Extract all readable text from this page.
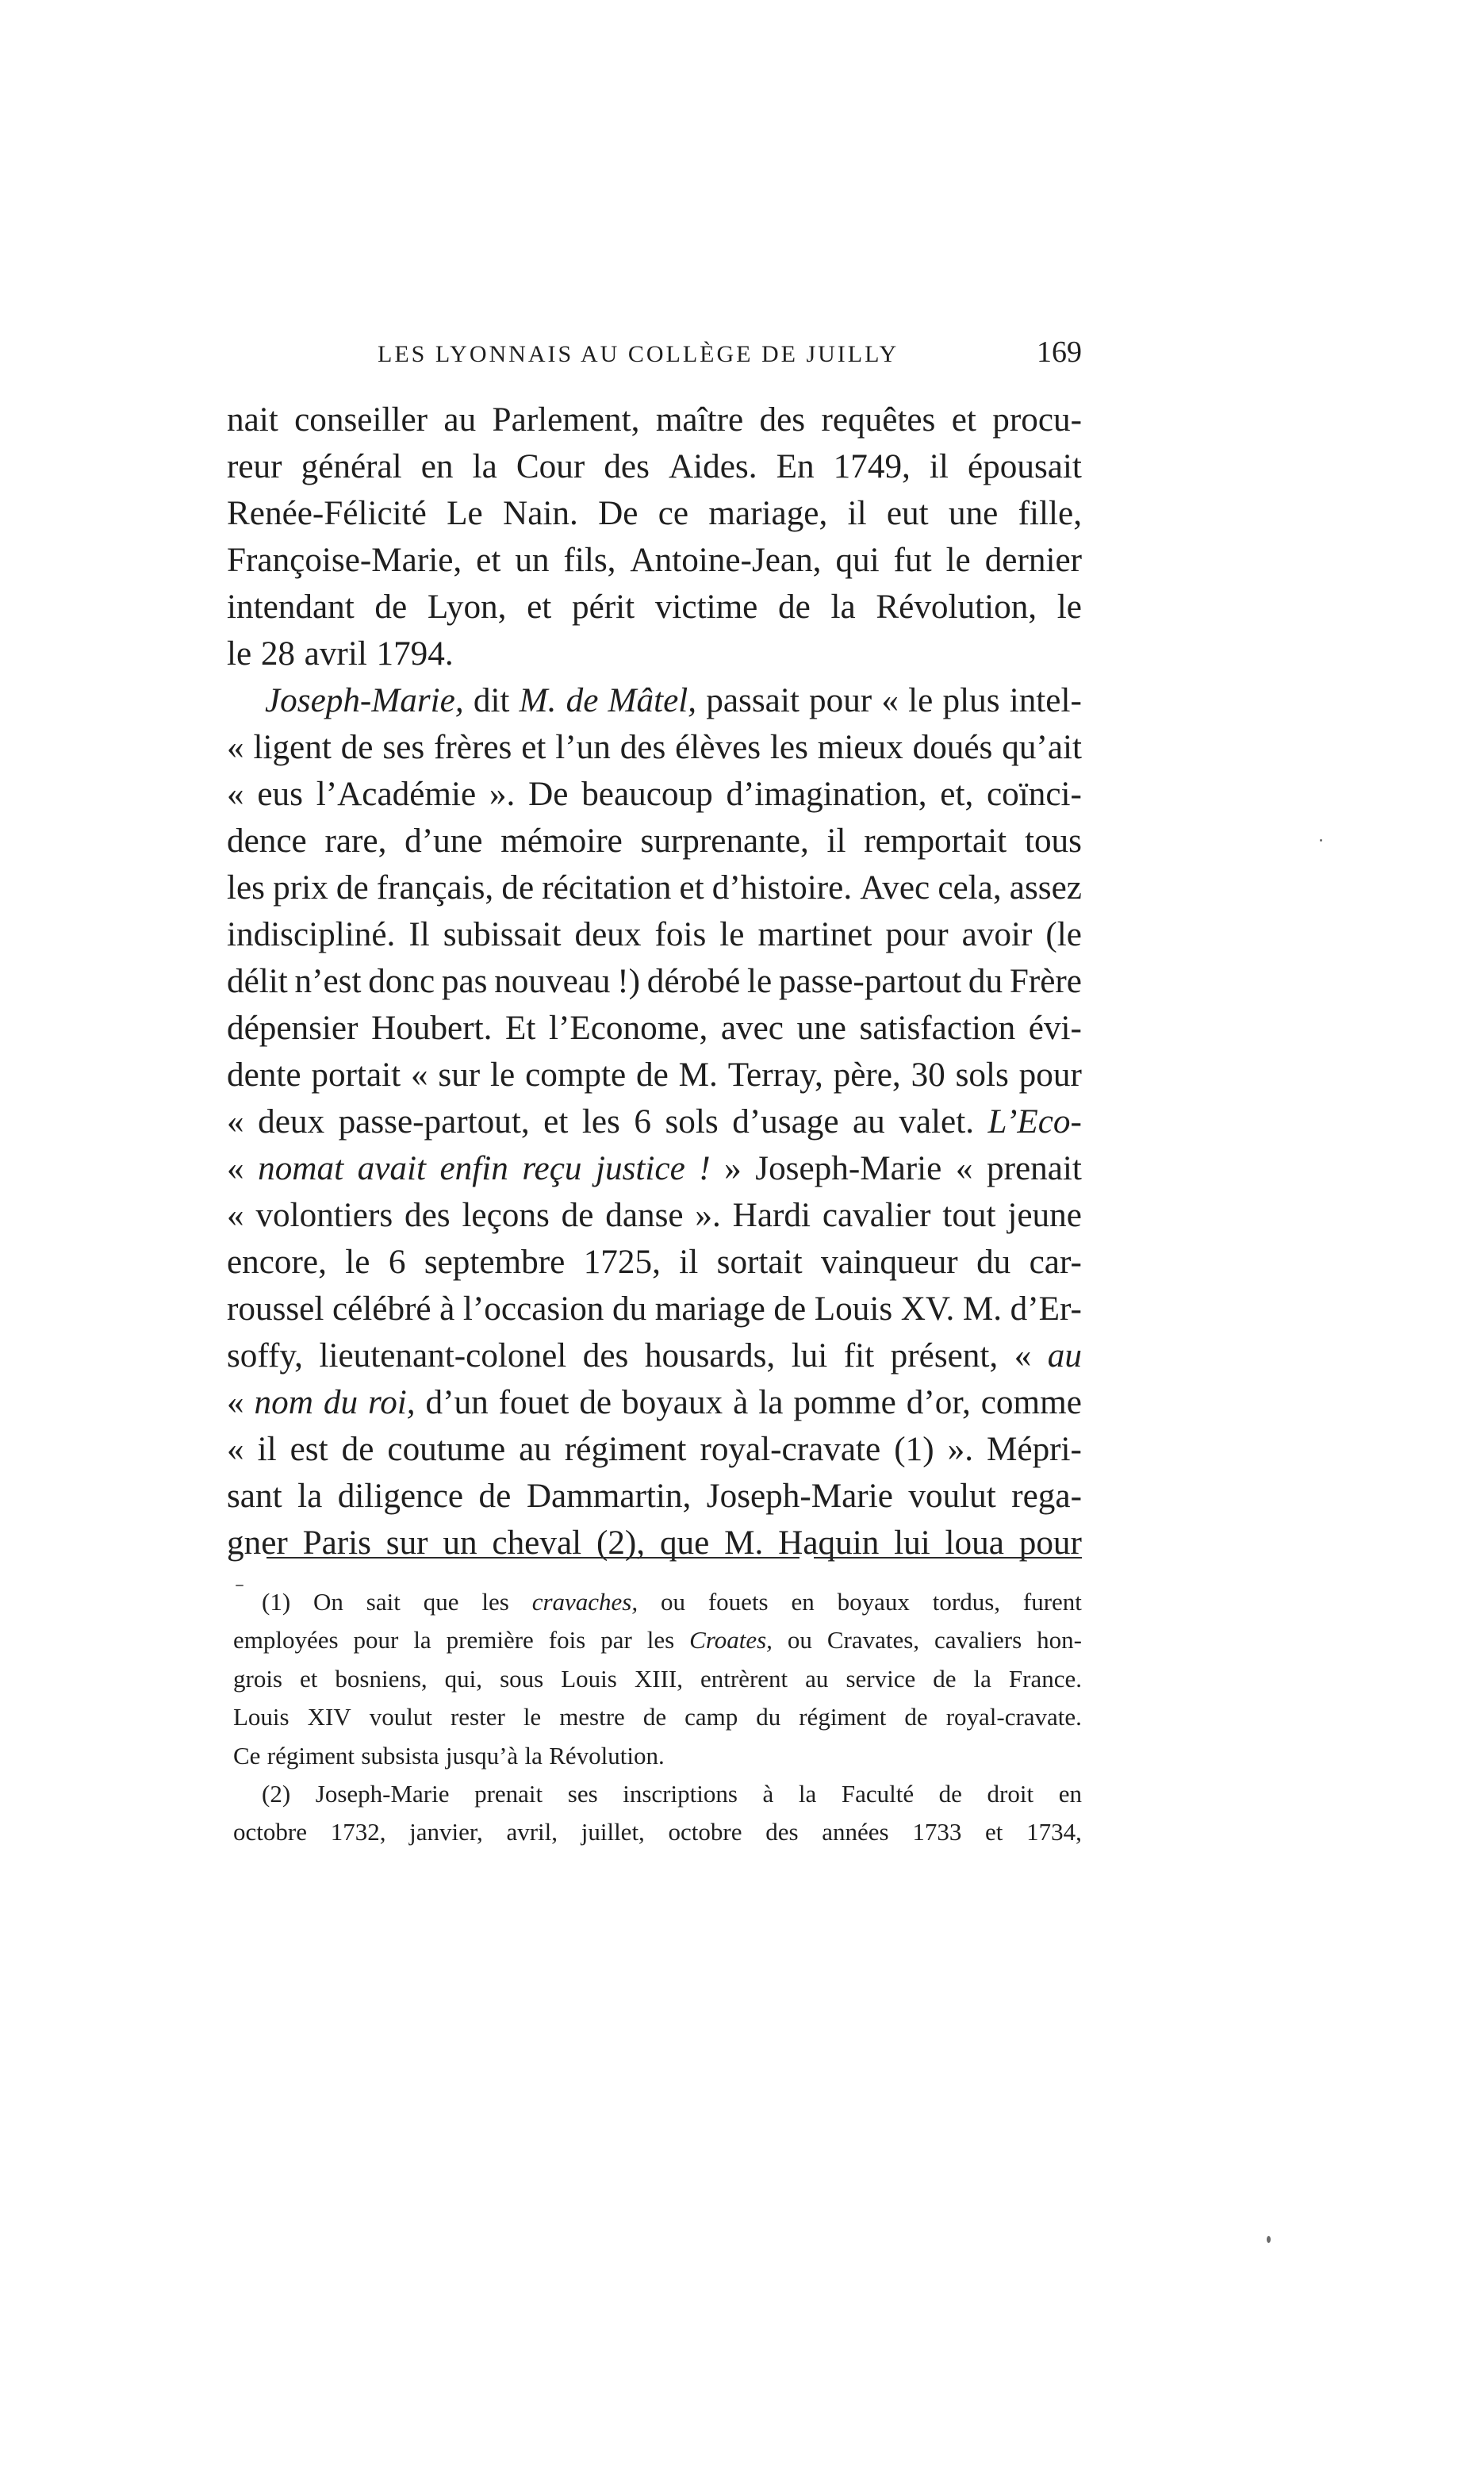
LES LYONNAIS AU COLLÈGE DE JUILLY	169
nait conseiller au Parlement, maître des requêtes et procu-
reur général en la Cour des Aides. En 1749, il épousait
Renée-Félicité Le Nain. De ce mariage, il eut une fille,
Françoise-Marie, et un fils, Antoine-Jean, qui fut le dernier
intendant de Lyon, et périt victime de la Révolution, le
le 28 avril 1794.
Joseph-Marie, dit M. de Mâtel, passait pour « le plus intel-
« ligent de ses frères et l’un des élèves les mieux doués qu’ait
« eus l’Académie ». De beaucoup d’imagination, et, coïnci-
dence rare, d’une mémoire surprenante, il remportait tous
les prix de français, de récitation et d’histoire. Avec cela, assez
indiscipliné. Il subissait deux fois le martinet pour avoir (le
délit n’est donc pas nouveau !) dérobé le passe-partout du Frère
dépensier Houbert. Et l’Econome, avec une satisfaction évi-
dente portait « sur le compte de M. Terray, père, 30 sols pour
« deux passe-partout, et les 6 sols d’usage au valet. L’Eco-
« nomat avait enfin reçu justice ! » Joseph-Marie « prenait
« volontiers des leçons de danse ». Hardi cavalier tout jeune
encore, le 6 septembre 1725, il sortait vainqueur du car-
roussel célébré à l’occasion du mariage de Louis XV. M. d’Er-
soffy, lieutenant-colonel des housards, lui fit présent, « au
« nom du roi, d’un fouet de boyaux à la pomme d’or, comme
« il est de coutume au régiment royal-cravate (1) ». Mépri-
sant la diligence de Dammartin, Joseph-Marie voulut rega-
gner Paris sur un cheval (2), que M. Haquin lui loua pour
(1) On sait que les cravaches, ou fouets en boyaux tordus, furent
employées pour la première fois par les Croates, ou Cravates, cavaliers hon-
grois et bosniens, qui, sous Louis XIII, entrèrent au service de la France.
Louis XIV voulut rester le mestre de camp du régiment de royal-cravate.
Ce régiment subsista jusqu’à la Révolution.
(2) Joseph-Marie prenait ses inscriptions à la Faculté de droit en
octobre 1732, janvier, avril, juillet, octobre des années 1733 et 1734,
